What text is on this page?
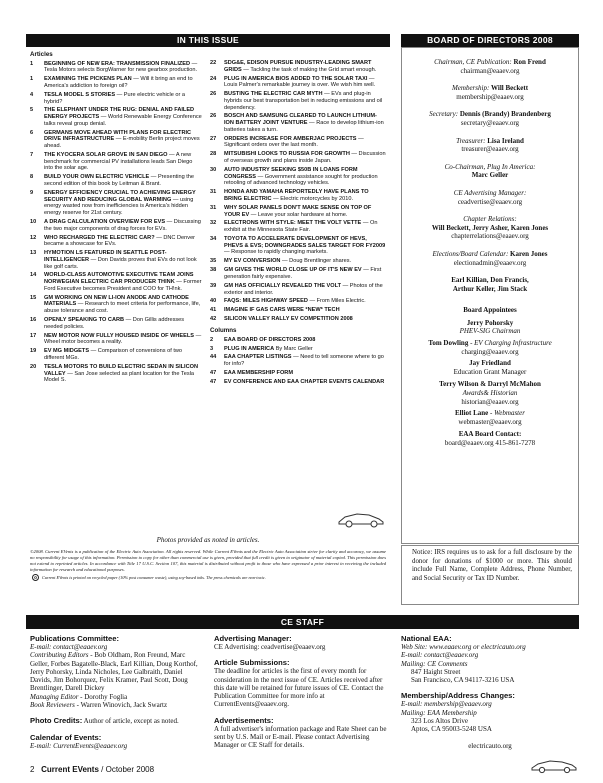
IN THIS ISSUE
Articles
1	BEGINNING OF NEW ERA: TRANSMISSION FINALIZED — Tesla Motors selects BorgWarner for new gearbox production.
1	EXAMINING THE PICKENS PLAN — Will it bring an end to America's addiction to foreign oil?
4	TESLA MODEL S STORIES — Pure electric vehicle or a hybrid?
5	THE ELEPHANT UNDER THE RUG: DENIAL AND FAILED ENERGY PROJECTS — World Renewable Energy Conference talks reveal group denial.
6	GERMANS MOVE AHEAD WITH PLANS FOR ELECTRIC DRIVE INFRASTRUCTURE — E-mobility Berlin project moves ahead.
7	THE KYOCERA SOLAR GROVE IN SAN DIEGO — A new benchmark for commercial PV installations leads San Diego into the solar age.
8	BUILD YOUR OWN ELECTRIC VEHICLE — Presenting the second edition of this book by Leitman & Brant.
9	ENERGY EFFICIENCY CRUCIAL TO ACHIEVING ENERGY SECURITY AND REDUCING GLOBAL WARMING — using energy wasted now from inefficiencies is America's hidden energy reserve for 21st century.
10	A DRAG CALCULATION OVERVIEW FOR EVS — Discussing the two major components of drag forces for EVs.
12	WHO RECHARGED THE ELECTRIC CAR? — DNC Denver became a showcase for EVs.
13	HYMOTION LS FEATURED IN SEATTLE POST-INTELLIGENCER — Don Davids proves that EVs do not look like golf carts.
14	WORLD-CLASS AUTOMOTIVE EXECUTIVE TEAM JOINS NORWEGIAN ELECTRIC CAR PRODUCER THINK — Former Ford Executive becomes President and COO for TH!nk.
15	GM WORKING ON NEW LI-ION ANODE AND CATHODE MATERIALS — Research to meet criteria for performance, life, abuse tolerance and cost.
16	OPENLY SPEAKING TO CARB — Don Gillis addresses needed policies.
17	NEW MOTOR NOW FULLY HOUSED INSIDE OF WHEELS — Wheel motor becomes a reality.
19	EV MG MIDGETS — Comparison of conversions of two different MGs.
20	TESLA MOTORS TO BUILD ELECTRIC SEDAN IN SILICON VALLEY — San Jose selected as plant location for the Tesla Model S.
22	SDG&E, EDISON PURSUE INDUSTRY-LEADING SMART GRIDS — Tackling the task of making the Grid smart enough.
24	PLUG IN AMERICA BIOS ADDED TO THE SOLAR TAXI — Louis Palmer's remarkable journey is over. We wish him well.
26	BUSTING THE ELECTRIC CAR MYTH — EVs and plug-in hybrids our best transportation bet in reducing emissions and oil dependency.
26	BOSCH AND SAMSUNG CLEARED TO LAUNCH LITHIUM-ION BATTERY JOINT VENTURE — Race to develop lithium-ion batteries takes a turn.
27	ORDERS INCREASE FOR AMBERJAC PROJECTS — Significant orders over the last month.
28	MITSUBISHI LOOKS TO RUSSIA FOR GROWTH — Discussion of overseas growth and plans inside Japan.
30	AUTO INDUSTRY SEEKING $50B IN LOANS FORM CONGRESS — Government assistance sought for production retooling of advanced technology vehicles.
31	HONDA AND YAMAHA REPORTEDLY HAVE PLANS TO BRING ELECTRIC — Electric motorcycles by 2010.
31	WHY SOLAR PANELS DON'T MAKE SENSE ON TOP OF YOUR EV — Leave your solar hardware at home.
32	ELECTRONS WITH STYLE: MEET THE VOLT VETTE — On exhibit at the Minnesota State Fair.
34	TOYOTA TO ACCELERATE DEVELOPMENT OF HEVS, PHEVS & EVS; DOWNGRADES SALES TARGET FOR FY2009 — Response to rapidly changing markets.
35	MY EV CONVERSION — Doug Brentlinger shares.
38	GM GIVES THE WORLD CLOSE UP OF IT'S NEW EV — First generation fairly expensive.
39	GM HAS OFFICIALLY REVEALED THE VOLT — Photos of the exterior and interior.
40	FAQS: MILES HIGHWAY SPEED — From Miles Electric.
41	IMAGINE IF GAS CARS WERE *NEW* TECH
42	SILICON VALLEY RALLY EV COMPETITION 2008
Columns
2	EAA BOARD OF DIRECTORS 2008
3	PLUG IN AMERICA By Marc Geller
44	EAA CHAPTER LISTINGS — Need to tell someone where to go for info?
47	EAA MEMBERSHIP FORM
47	EV CONFERENCE AND EAA CHAPTER EVENTS CALENDAR
Photos provided as noted in articles.
©2008. Current EVents is a publication of the Electric Auto Association. All rights reserved. While Current EVents and the Electric Auto Association strive for clarity and accuracy, we assume no responsibility for usage of this information. Permission to copy for other than commercial use is given, provided that full credit is given to originator of material copied. This permission does not extend to reprinted articles. In accordance with Title 17 U.S.C. Section 107, this material is distributed without profit to those who have expressed a prior interest in receiving the included information for research and educational purposes.
♻	Current EVents is printed on recycled paper (10% post consumer waste), using soy-based inks. The press chemicals are non-toxic.
BOARD OF DIRECTORS 2008
Chairman, CE Publication: Ron Frend
chairman@eaaev.org
Membership: Will Beckett
membership@eaaev.org
Secretary: Dennis (Brandy) Brandenberg
secretary@eaaev.org
Treasurer: Lisa Ireland
treasurer@eaaev.org
Co-Chairman, Plug In America:
Marc Geller
CE Advertising Manager:
ceadvertise@eaaev.org
Chapter Relations:
Will Beckett, Jerry Asher, Karen Jones
chapterrelations@eaaev.org
Elections/Board Calendar: Karen Jones
electionadmin@eaaev.org
Earl Killian, Don Francis,
Arthur Keller, Jim Stack
Board Appointees
Jerry Pohorsky
PHEV-SIG Chairman
Tom Dowling - EV Charging Infrastructure
charging@eaaev.org
Jay Friedland
Education Grant Manager
Terry Wilson & Darryl McMahon
Awards& Historian
historian@eaaev.org
Elliot Lane - Webmaster
webmaster@eaaev.org
EAA Board Contact:
board@eaaev.org 415-861-7278
Notice: IRS requires us to ask for a full disclosure by the donor for donations of $1000 or more. This should include Full Name, Complete Address, Phone Number, and Social Security or Tax ID Number.
CE STAFF
Publications Committee:
E-mail: contact@eaaev.org
Contributing Editors - Bob Oldham, Ron Freund, Marc Geller, Forbes Bagatelle-Black, Earl Killian, Doug Korthof, Jerry Pohorsky, Linda Nicholes, Lee Galbraith, Daniel Davids, Jim Bohorquez, Felix Kramer, Paul Scott, Doug Brentlinger, Darell Dickey
Managing Editor - Dorothy Foglia
Book Reviewers - Warren Winovich, Jack Swartz
Photo Credits: Author of article, except as noted.
Calendar of Events:
E-mail: CurrentEvents@eaaev.org
Advertising Manager:
CE Advertising: ceadvertise@eaaev.org
Article Submissions:
The deadline for articles is the first of every month for consideration in the next issue of CE. Articles received after this date will be retained for future issues of CE. Contact the Publication Committee for more info at CurrentEvents@eaaev.org.
Advertisements:
A full advertiser's information package and Rate Sheet can be sent by U.S. Mail or E-mail. Please contact Advertising Manager or CE Staff for details.
National EAA:
Web Site: www.eaaev.org or electricauto.org
E-mail: contact@eaaev.org
Mailing: CE Comments
847 Haight Street
San Francisco, CA 94117-3216 USA
Membership/Address Changes:
E-mail: membership@eaaev.org
Mailing: EAA Membership
323 Los Altos Drive
Aptos, CA 95003-5248 USA
electricauto.org
2 Current EVents / October 2008
